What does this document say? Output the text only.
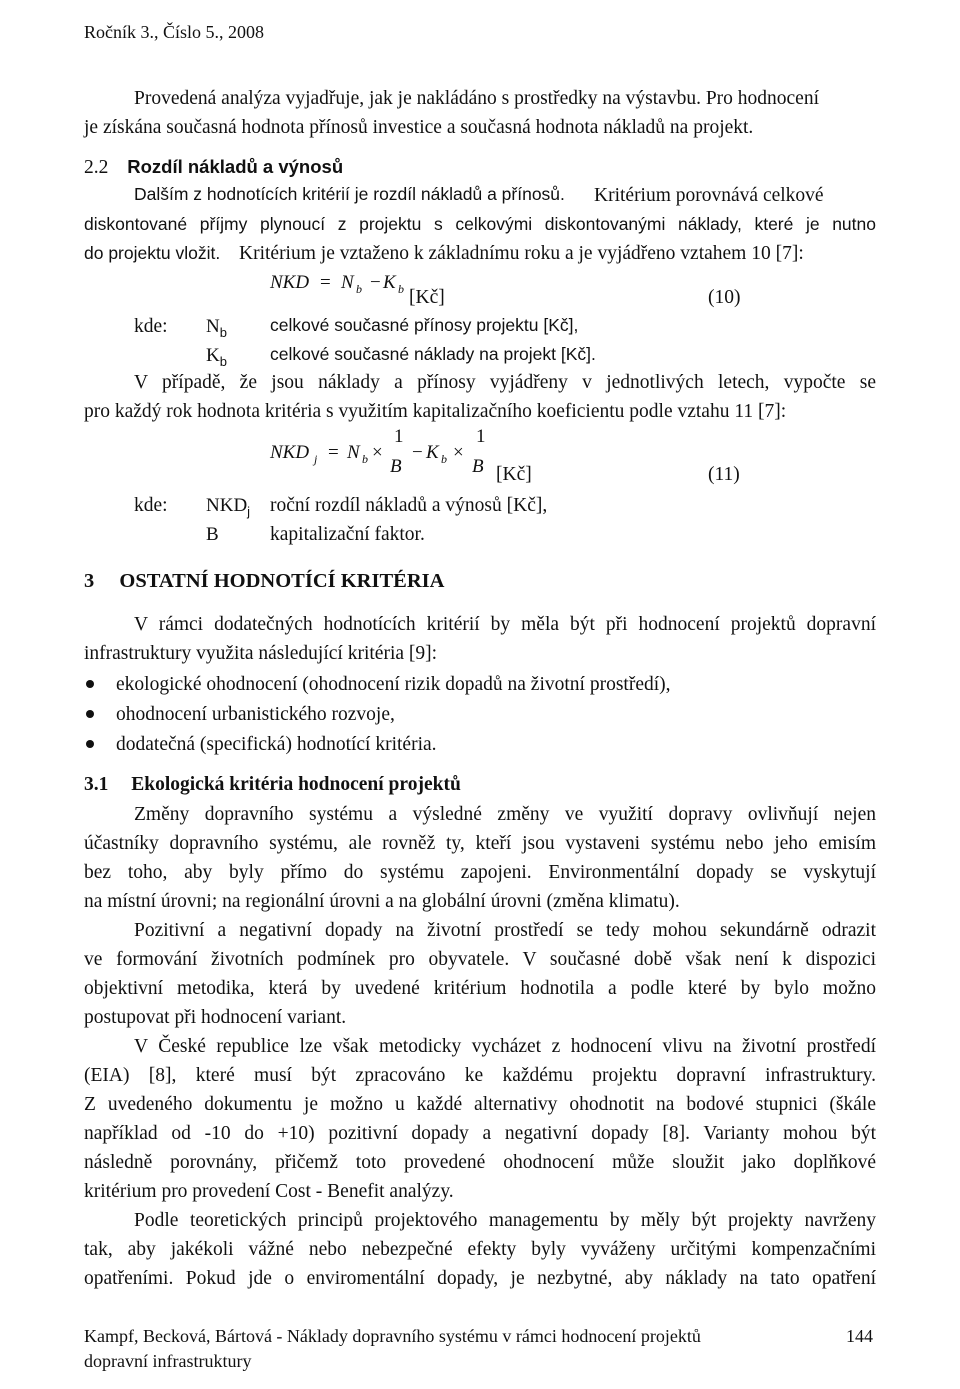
Ročník 3., Číslo 5., 2008
Provedená analýza vyjadřuje, jak je nakládáno s prostředky na výstavbu. Pro hodnocení
je získána současná hodnota přínosů investice a současná hodnota nákladů na projekt.
2.2 Rozdíl nákladů a výnosů
Dalším z hodnotících kritérií je rozdíl nákladů a přínosů. Kritérium porovnává celkové
diskontované příjmy plynoucí z projektu s celkovými diskontovanými náklady, které je nutno
do projektu vložit. Kritérium je vztaženo k základnímu roku a je vyjádřeno vztahem 10 [7]:
NKD = N b − K b [Kč]	(10)
kde: $N_b$ celkové současné přínosy projektu [Kč],
$K_b$ celkové současné náklady na projekt [Kč].
V případě, že jsou náklady a přínosy vyjádřeny v jednotlivých letech, vypočte se
pro každý rok hodnota kritéria s využitím kapitalizačního koeficientu podle vztahu 11 [7]:
NKD j = N b ×
1
B
− K b ×
1
B [Kč]	(11)
kde: $NKD_j$ roční rozdíl nákladů a výnosů [Kč],
B	kapitalizační faktor.
3 OSTATNÍ HODNOTÍCÍ KRITÉRIA
V rámci dodatečných hodnotících kritérií by měla být při hodnocení projektů dopravní
infrastruktury využita následující kritéria [9]:
ekologické ohodnocení (ohodnocení rizik dopadů na životní prostředí),
ohodnocení urbanistického rozvoje,
dodatečná (specifická) hodnotící kritéria.
3.1 Ekologická kritéria hodnocení projektů
Změny dopravního systému a výsledné změny ve využití dopravy ovlivňují nejen
účastníky dopravního systému, ale rovněž ty, kteří jsou vystaveni systému nebo jeho emisím
bez toho, aby byly přímo do systému zapojeni. Environmentální dopady se vyskytují
na místní úrovni; na regionální úrovni a na globální úrovni (změna klimatu).
Pozitivní a negativní dopady na životní prostředí se tedy mohou sekundárně odrazit
ve formování životních podmínek pro obyvatele. V současné době však není k dispozici
objektivní metodika, která by uvedené kritérium hodnotila a podle které by bylo možno
postupovat při hodnocení variant.
V České republice lze však metodicky vycházet z hodnocení vlivu na životní prostředí
(EIA) [8], které musí být zpracováno ke každému projektu dopravní infrastruktury.
Z uvedeného dokumentu je možno u každé alternativy ohodnotit na bodové stupnici (škále
například od -10 do +10) pozitivní dopady a negativní dopady [8]. Varianty mohou být
následně porovnány, přičemž toto provedené ohodnocení může sloužit jako doplňkové
kritérium pro provedení Cost - Benefit analýzy.
Podle teoretických principů projektového managementu by měly být projekty navrženy
tak, aby jakékoli vážné nebo nebezpečné efekty byly vyváženy určitými kompenzačními
opatřeními. Pokud jde o enviromentální dopady, je nezbytné, aby náklady na tato opatření
Kampf, Becková, Bártová - Náklady dopravního systému v rámci hodnocení projektů
dopravní infrastruktury
144
